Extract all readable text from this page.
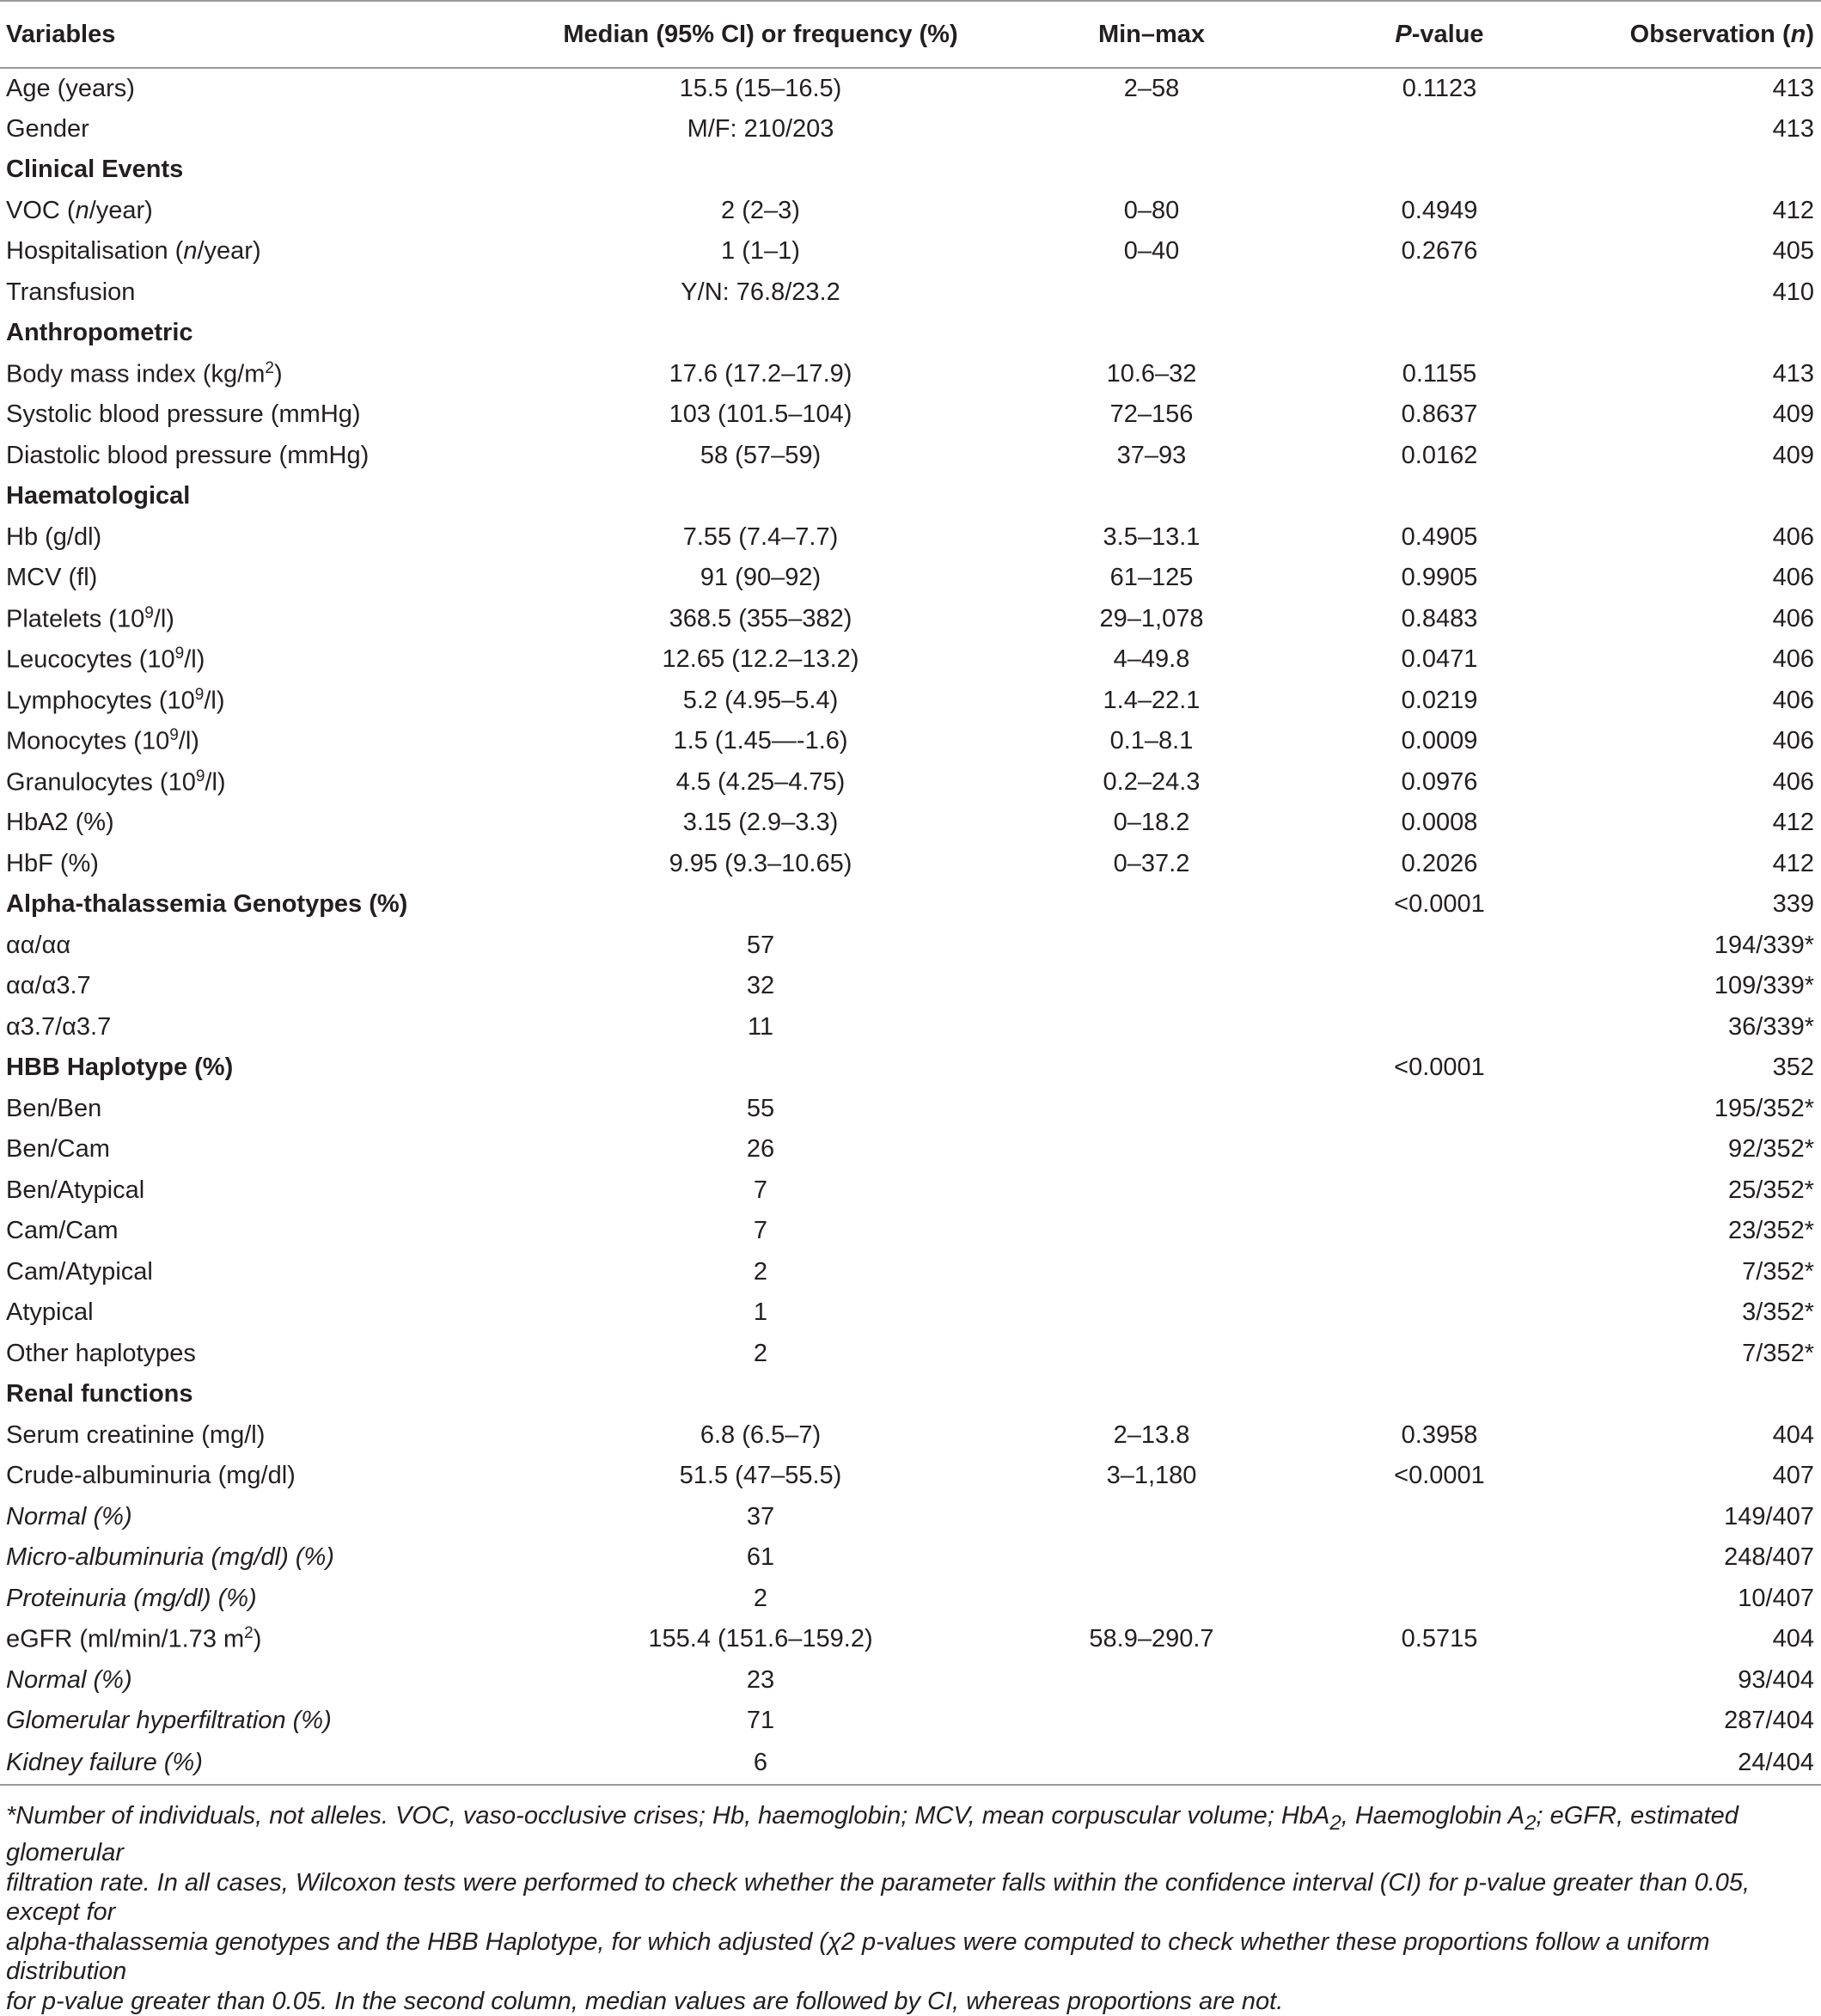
Variables	Median (95% CI) or frequency (%)	Min–max	P-value	Observation (n)
Age (years)	15.5 (15–16.5)	2–58	0.1123	413
Gender	M/F: 210/203			413
Clinical Events				
VOC (n/year)	2 (2–3)	0–80	0.4949	412
Hospitalisation (n/year)	1 (1–1)	0–40	0.2676	405
Transfusion	Y/N: 76.8/23.2			410
Anthropometric				
Body mass index $(kg/m^2)$	17.6 (17.2–17.9)	10.6–32	0.1155	413
Systolic blood pressure (mmHg)	103 (101.5–104)	72–156	0.8637	409
Diastolic blood pressure (mmHg)	58 (57–59)	37–93	0.0162	409
Haematological				
Hb (g/dl)	7.55 (7.4–7.7)	3.5–13.1	0.4905	406
MCV (fl)	91 (90–92)	61–125	0.9905	406
Platelets $(10^9/l)$	368.5 (355–382)	29–1,078	0.8483	406
Leucocytes $(10^9/l)$	12.65 (12.2–13.2)	4–49.8	0.0471	406
Lymphocytes $(10^9/l)$	5.2 (4.95–5.4)	1.4–22.1	0.0219	406
Monocytes $(10^9/l)$	1.5 (1.45—-1.6)	0.1–8.1	0.0009	406
Granulocytes $(10^9/l)$	4.5 (4.25–4.75)	0.2–24.3	0.0976	406
HbA2 (%)	3.15 (2.9–3.3)	0–18.2	0.0008	412
HbF (%)	9.95 (9.3–10.65)	0–37.2	0.2026	412
Alpha-thalassemia Genotypes (%)			<0.0001	339
αα/αα	57			194/339*
αα/α3.7	32			109/339*
α3.7/α3.7	11			36/339*
HBB Haplotype (%)			<0.0001	352
Ben/Ben	55			195/352*
Ben/Cam	26			92/352*
Ben/Atypical	7			25/352*
Cam/Cam	7			23/352*
Cam/Atypical	2			7/352*
Atypical	1			3/352*
Other haplotypes	2			7/352*
Renal functions				
Serum creatinine (mg/l)	6.8 (6.5–7)	2–13.8	0.3958	404
Crude-albuminuria (mg/dl)	51.5 (47–55.5)	3–1,180	<0.0001	407
Normal (%)	37			149/407
Micro-albuminuria (mg/dl) (%)	61			248/407
Proteinuria (mg/dl) (%)	2			10/407
eGFR (ml/min/1.73 $m^2$)	155.4 (151.6–159.2)	58.9–290.7	0.5715	404
Normal (%)	23			93/404
Glomerular hyperfiltration (%)	71			287/404
Kidney failure (%)	6			24/404

*Number of individuals, not alleles. VOC, vaso-occlusive crises; Hb, haemoglobin; MCV, mean corpuscular volume; HbA$_2$, Haemoglobin $A_2$; eGFR, estimated glomerular

filtration rate. In all cases, Wilcoxon tests were performed to check whether the parameter falls within the confidence interval (CI) for p-value greater than 0.05, except for

alpha-thalassemia genotypes and the HBB Haplotype, for which adjusted (χ2 p-values were computed to check whether these proportions follow a uniform distribution

for p-value greater than 0.05. In the second column, median values are followed by CI, whereas proportions are not.
